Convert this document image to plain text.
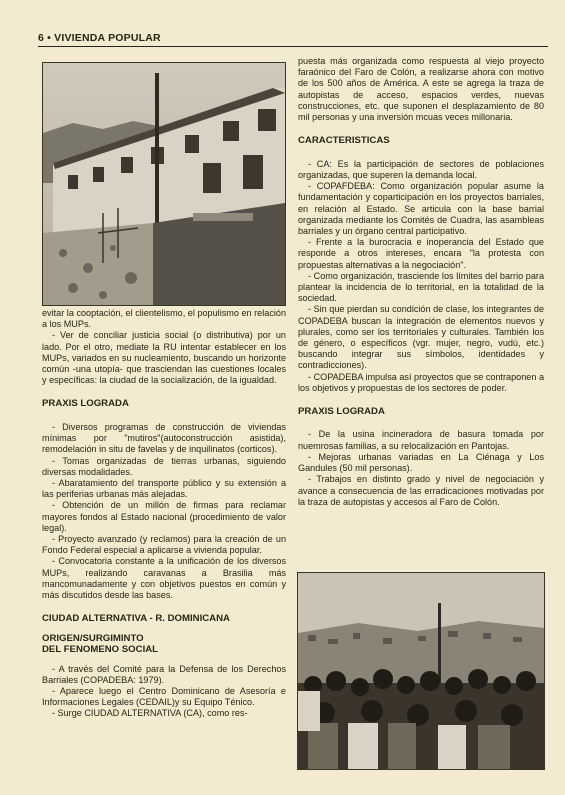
6 • VIVIENDA POPULAR

evitar la cooptación, el clientelismo, el populismo en relación a los MUPs.

- Ver de conciliar justicia social (o distributiva) por un lado. Por el otro, mediate la RU intentar establecer en los MUPs, variados en su nucleamiento, buscando un horizonte común -una utopía- que trasciendan las cuestiones locales y específicas: la ciudad de la socialización, de la igualdad.

PRAXIS LOGRADA

- Diversos programas de construcción de viviendas mínimas por "mutiros"(autoconstrucción asistida), remodelación in situ de favelas y de inquilinatos (corticos).

- Tomas organizadas de tierras urbanas, siguiendo diversas modalidades.

- Abaratamiento del transporte público y su extensión a las periferias urbanas más alejadas.

- Obtención de un millón de firmas para reclamar mayores fondos al Estado nacional (procedimiento de valor legal).

- Proyecto avanzado (y reclamos) para la creación de un Fondo Federal especial a aplicarse a vivienda popular.

- Convocatoria constante a la unificación de los diversos MUPs, realizando caravanas a Brasilia más mancomunadamente y con objetivos puestos en común y más discutidos desde las bases.

CIUDAD ALTERNATIVA - R. DOMINICANA
ORIGEN/SURGIMINTO
DEL FENOMENO SOCIAL

- A través del Comité para la Defensa de los Derechos Barriales (COPADEBA: 1979).

- Aparece luego el Centro Dominicano de Asesoría e Informaciones Legales (CEDAIL)y su Equipo Ténico.

- Surge CIUDAD ALTERNATIVA (CA), como res-

puesta más organizada como respuesta al viejo proyecto faraónico del Faro de Colón, a realizarse ahora con motivo de los 500 años de América. A este se agrega la traza de autopistas de acceso, espacios verdes, nuevas construcciones, etc. que suponen el desplazamiento de 80 mil personas y una inversión mcuas veces millonaria.

CARACTERISTICAS

- CA: Es la participación de sectores de poblaciones organizadas, que superen la demanda local.

- COPAFDEBA: Como organización popular asume la fundamentación y coparticipación en los proyectos barriales, en relación al Estado. Se articula con la base barrial organizada mediante los Comités de Cuadra, las asambleas barriales y un órgano central participativo.

- Frente a la burocracia e inoperancia del Estado que responde a otros intereses, encara "la protesta con propuestas alternativas a la negociación".

- Como organización, trasciende los límites del barrio para plantear la incidencia de lo territorial, en la totalidad de la sociedad.

- Sin que pierdan su condición de clase, los integrantes de COPADEBA buscan la integración de elementos nuevos y plurales, como ser los territoriales y culturales. También los de género, o específicos (vgr. mujer, negro, vudú, etc.) buscando integrar sus símbolos, identidades y contradicciones).

- COPADEBA impulsa así proyectos que se contraponen a los objetivos y propuestas de los sectores de poder.

PRAXIS LOGRADA

- De la usina incineradora de basura tomada por nuemrosas familias, a su relocalización en Pantojas.

- Mejoras urbanas variadas en La Ciénaga y Los Gandules (50 mil personas).

- Trabajos en distinto grado y nivel de negociación y avance a consecuencia de las erradicaciones motivadas por la traza de autopistas y accesos al Faro de Colón.
